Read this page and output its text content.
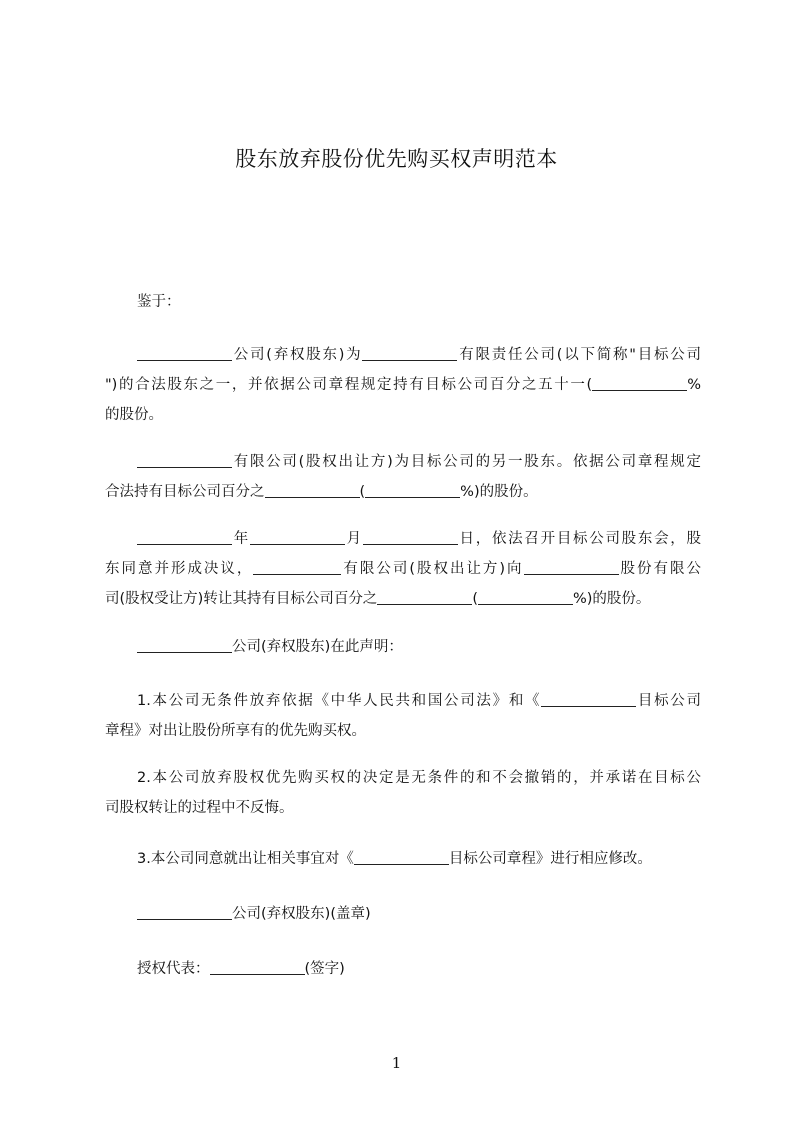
股东放弃股份优先购买权声明范本
鉴于：
公司(弃权股东)为	有限责任公司(以下简称"目标公司
")的合法股东之一，并依据公司章程规定持有目标公司百分之五十一(	%
的股份。
有限公司(股权出让方)为目标公司的另一股东。依据公司章程规定
合法持有目标公司百分之	(	%)的股份。
年	月	日，依法召开目标公司股东会，股
东同意并形成决议，	有限公司(股权出让方)向	股份有限公
司(股权受让方)转让其持有目标公司百分之	(	%)的股份。
公司(弃权股东)在此声明：
1.本公司无条件放弃依据《中华人民共和国公司法》和《	目标公司
章程》对出让股份所享有的优先购买权。
2.本公司放弃股权优先购买权的决定是无条件的和不会撤销的，并承诺在目标公
司股权转让的过程中不反悔。
3.本公司同意就出让相关事宜对《	目标公司章程》进行相应修改。
公司(弃权股东)(盖章)
授权代表：	(签字)
1
